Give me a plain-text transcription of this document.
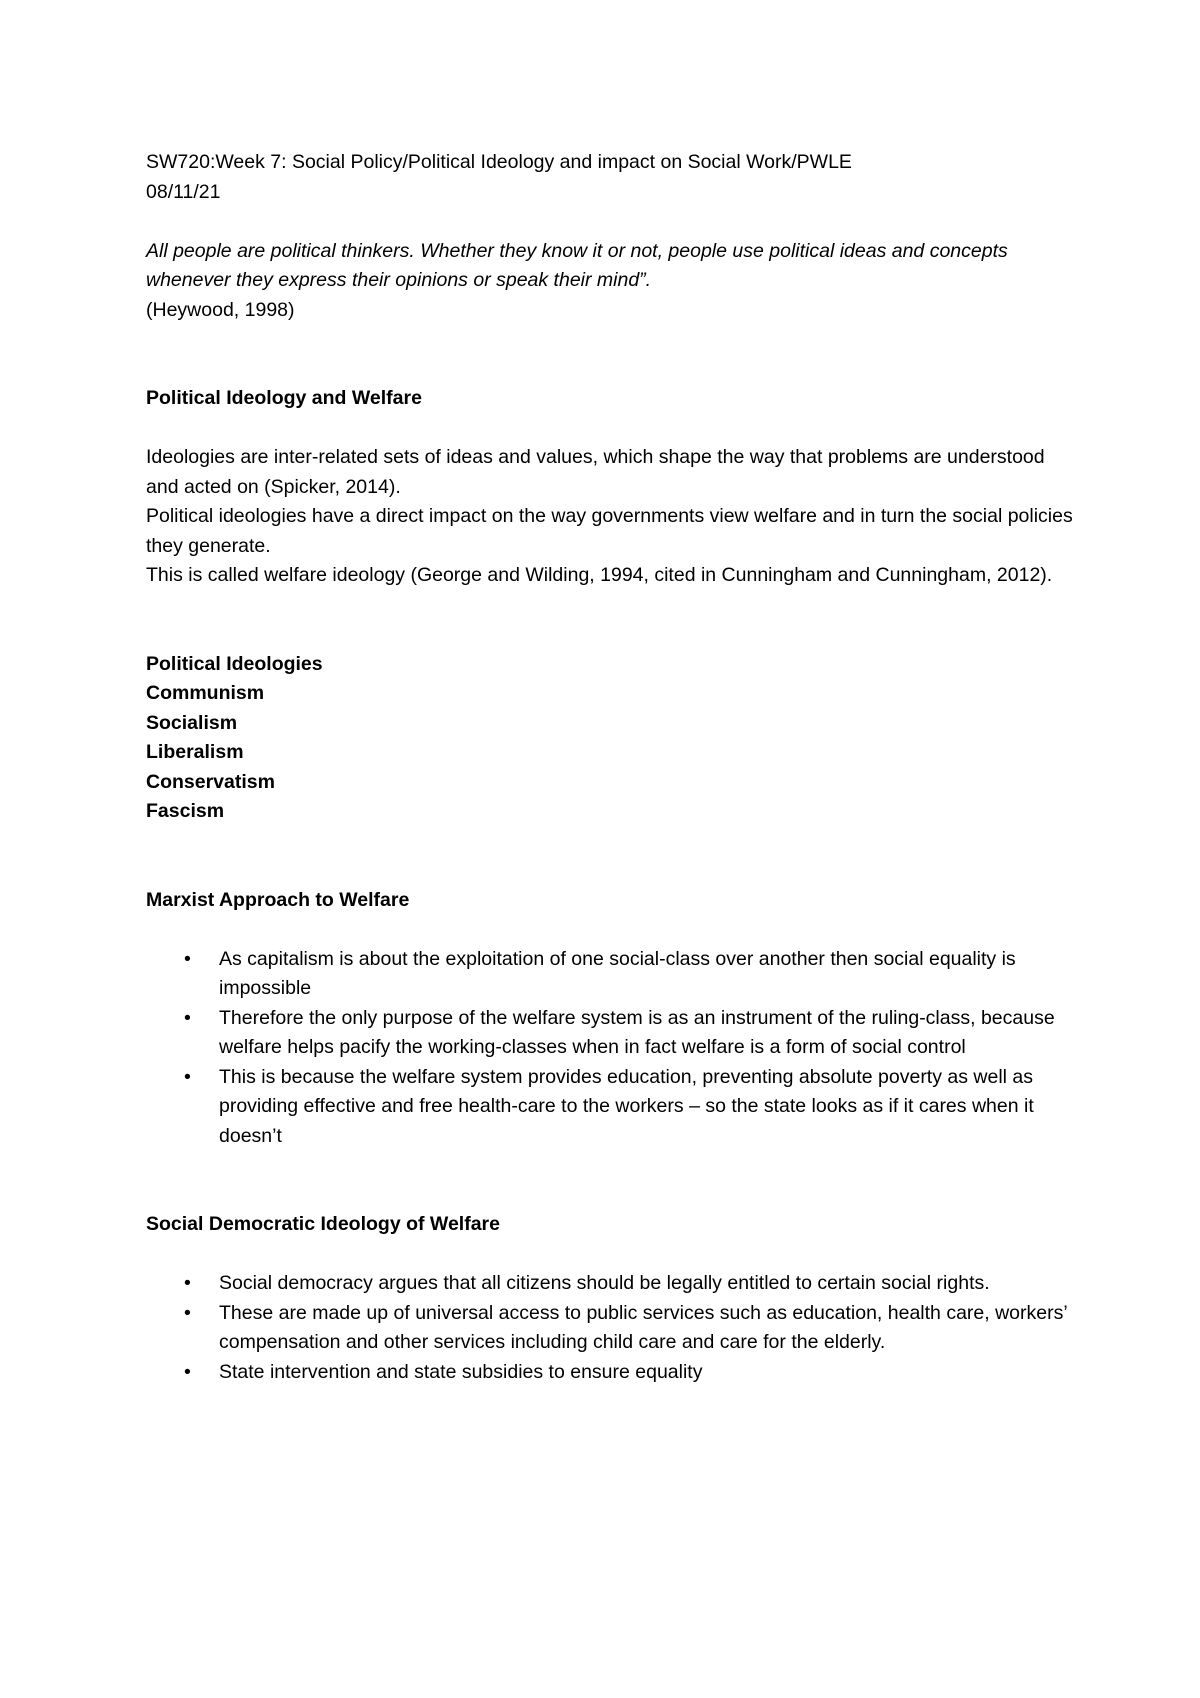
SW720:Week 7: Social Policy/Political Ideology and impact on Social Work/PWLE

08/11/21

All people are political thinkers. Whether they know it or not, people use political ideas and concepts whenever they express their opinions or speak their mind”.

(Heywood, 1998)

Political Ideology and Welfare

Ideologies are inter-related sets of ideas and values, which shape the way that problems are understood and acted on (Spicker, 2014).

Political ideologies have a direct impact on the way governments view welfare and in turn the social policies they generate.

This is called welfare ideology (George and Wilding, 1994, cited in Cunningham and Cunningham, 2012).

Political Ideologies

Communism

Socialism

Liberalism

Conservatism

Fascism

Marxist Approach to Welfare

• As capitalism is about the exploitation of one social-class over another then social equality is impossible
• Therefore the only purpose of the welfare system is as an instrument of the ruling-class, because welfare helps pacify the working-classes when in fact welfare is a form of social control
• This is because the welfare system provides education, preventing absolute poverty as well as providing effective and free health-care to the workers – so the state looks as if it cares when it doesn’t

Social Democratic Ideology of Welfare

• Social democracy argues that all citizens should be legally entitled to certain social rights.
• These are made up of universal access to public services such as education, health care, workers’ compensation and other services including child care and care for the elderly.
• State intervention and state subsidies to ensure equality
